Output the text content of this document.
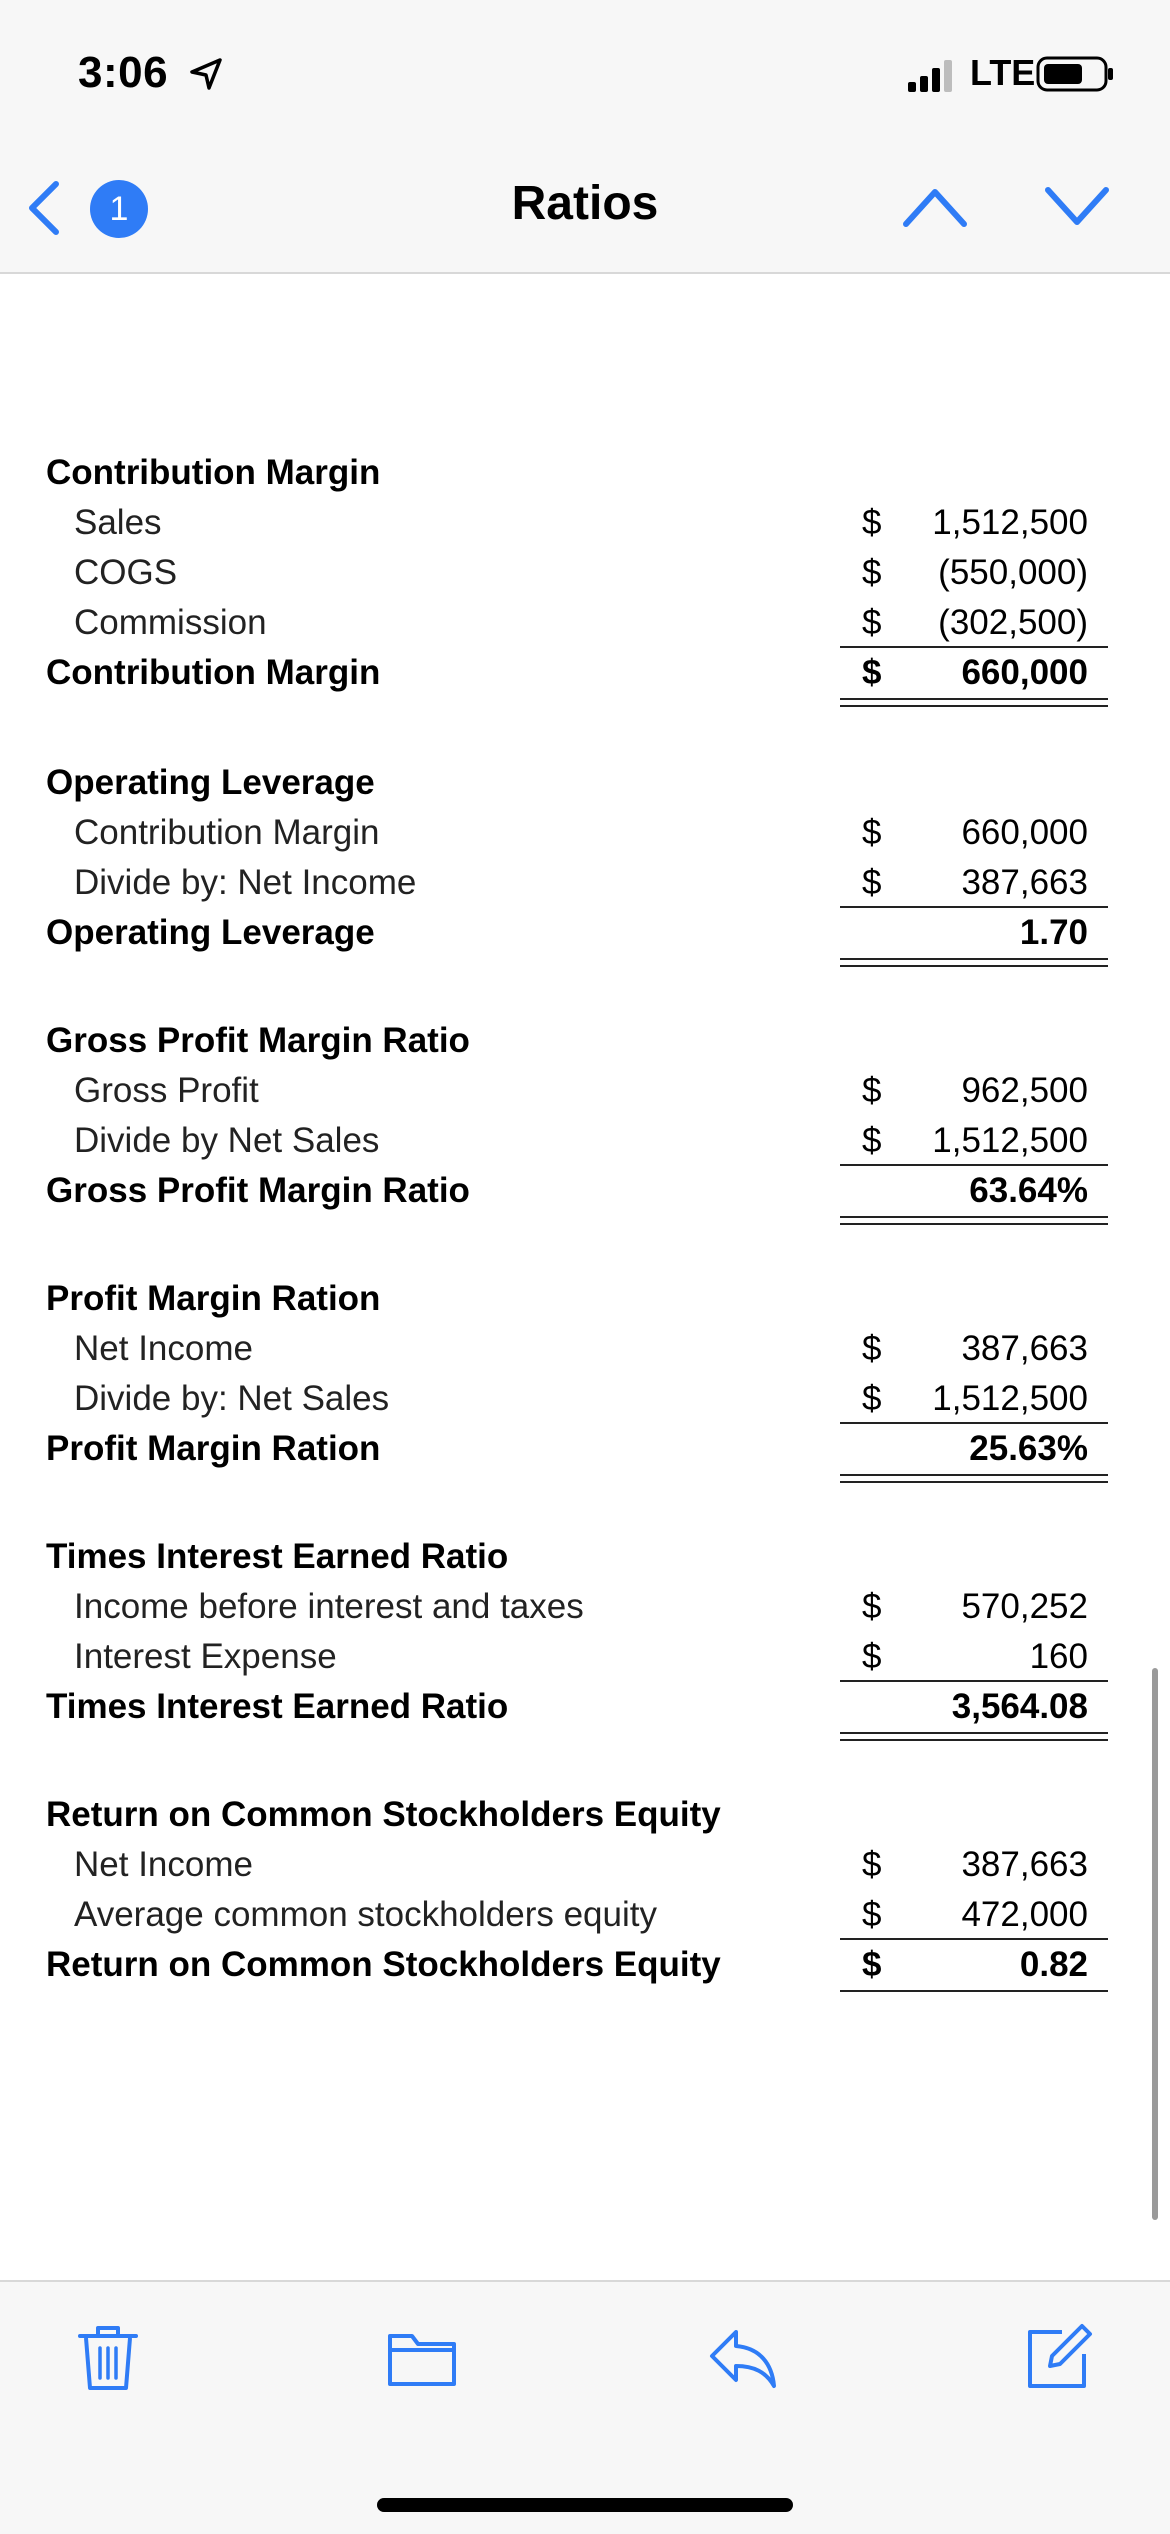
3:06	LTE
1	Ratios
Contribution Margin
Sales	$ 1,512,500
COGS	$ (550,000)
Commission	$ (302,500)
Contribution Margin	$ 660,000
Operating Leverage
Contribution Margin	$ 660,000
Divide by: Net Income	$ 387,663
Operating Leverage	1.70
Gross Profit Margin Ratio
Gross Profit	$ 962,500
Divide by Net Sales	$ 1,512,500
Gross Profit Margin Ratio	63.64%
Profit Margin Ration
Net Income	$ 387,663
Divide by: Net Sales	$ 1,512,500
Profit Margin Ration	25.63%
Times Interest Earned Ratio
Income before interest and taxes	$ 570,252
Interest Expense	$	160
Times Interest Earned Ratio	3,564.08
Return on Common Stockholders Equity
Net Income	$ 387,663
Average common stockholders equity	$ 472,000
Return on Common Stockholders Equity	$	0.82
